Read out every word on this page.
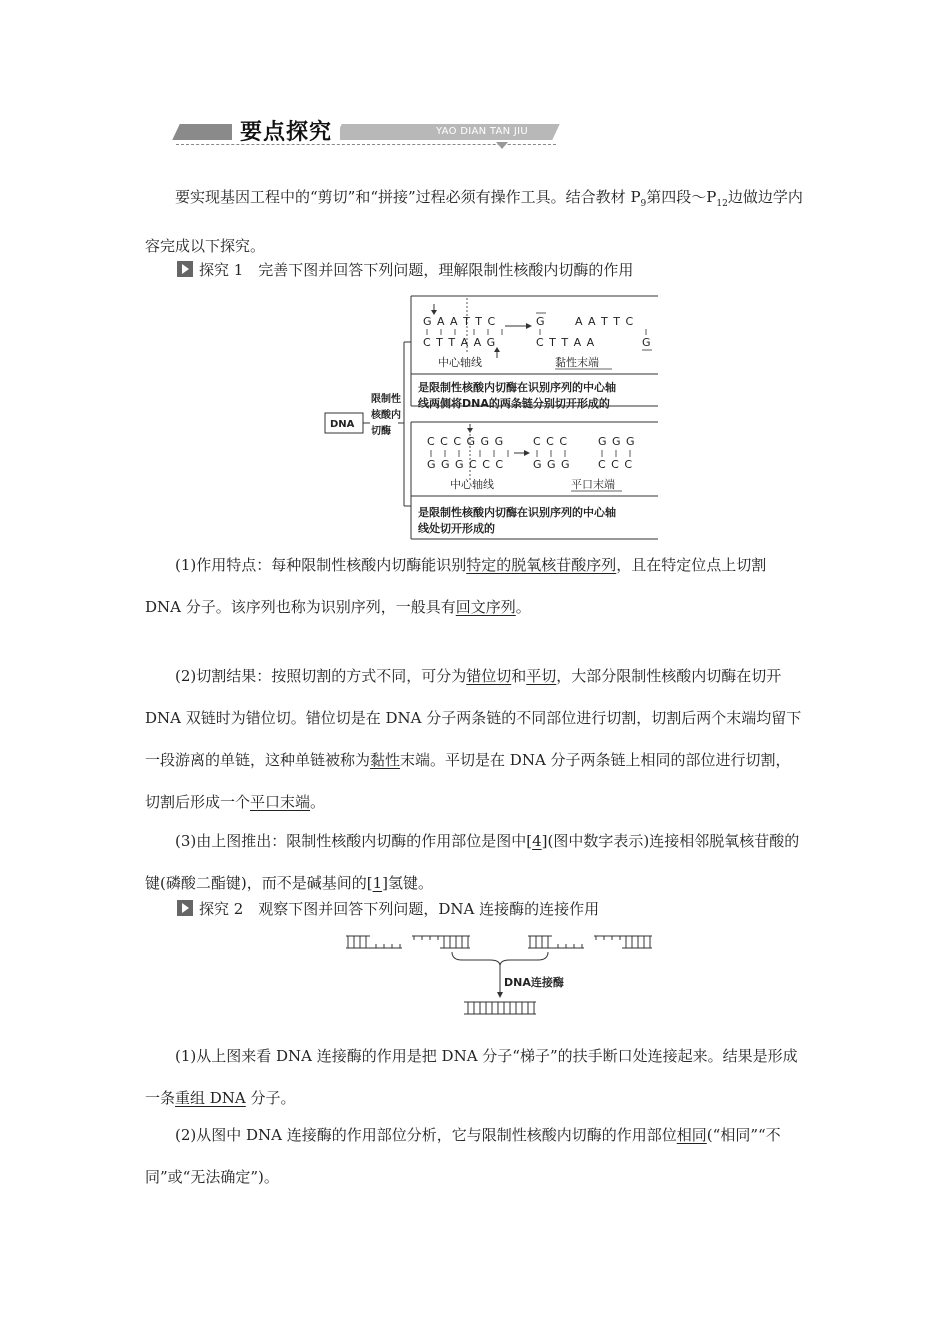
要点探究	YAO DIAN TAN JIU

要实现基因工程中的“剪切”和“拼接”过程必须有操作工具。结合教材 $P_9$第四段$\sim P_{12}$边做边学内容完成以下探究。

探究 1　完善下图并回答下列问题，理解限制性核酸内切酶的作用
DNA
限制性
核酸内
切酶
G A A T T C
C T T A A G
G	A A T T C
C T T A A	G
中心轴线	黏性末端
是限制性核酸内切酶在识别序列的中心轴
线两侧将DNA的两条链分别切开形成的
C C C G G G
G G G C C C
C C C
G G G
G G G
C C C
中心轴线	平口末端
是限制性核酸内切酶在识别序列的中心轴
线处切开形成的

(1)作用特点：每种限制性核酸内切酶能识别特定的脱氧核苷酸序列，且在特定位点上切割 DNA 分子。该序列也称为识别序列，一般具有回文序列。

(2)切割结果：按照切割的方式不同，可分为错位切和平切，大部分限制性核酸内切酶在切开 DNA 双链时为错位切。错位切是在 DNA 分子两条链的不同部位进行切割，切割后两个末端均留下一段游离的单链，这种单链被称为黏性末端。平切是在 DNA 分子两条链上相同的部位进行切割，切割后形成一个平口末端。

(3)由上图推出：限制性核酸内切酶的作用部位是图中[4](图中数字表示)连接相邻脱氧核苷酸的键(磷酸二酯键)，而不是碱基间的[1]氢键。

探究 2　观察下图并回答下列问题，DNA 连接酶的连接作用
DNA连接酶

(1)从上图来看 DNA 连接酶的作用是把 DNA 分子“梯子”的扶手断口处连接起来。结果是形成一条重组 DNA 分子。

(2)从图中 DNA 连接酶的作用部位分析，它与限制性核酸内切酶的作用部位相同(“相同”“不同”或“无法确定”)。
